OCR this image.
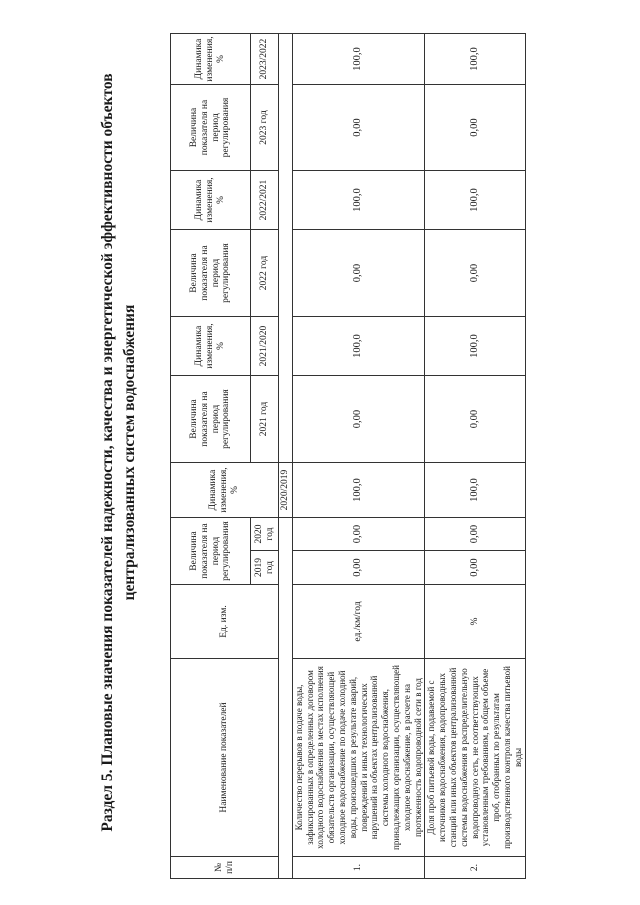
Раздел 5. Плановые значения показателей надежности, качества и энергетической эффективности объектов централизованных систем водоснабжения
№ п/п	Наименование показателей	Ед. изм.	Величина показателя на период регулирования		Динамика изменения, %	Величина показателя на период регулирования	Динамика изменения, %	Величина показателя на период регулирования	Динамика изменения, %	Величина показателя на период регулирования	Динамика изменения, %
			2019 год	2020 год		2021 год	2021/2020	2022 год	2022/2021	2023 год	2023/2022
					2020/2019						
1.	Количество перерывов в подаче воды, зафиксированных в определенных договором холодного водоснабжения в местах исполнения обязательств организации, осуществляющей холодное водоснабжение по подаче холодной воды, произошедших в результате аварий, повреждений и иных технологических нарушений на объектах централизованной системы холодного водоснабжения, принадлежащих организации, осуществляющей холодное водоснабжение, в расчете на протяженность водопроводной сети в год	ед./км/год	0,00	0,00	100,0	0,00	100,0	0,00	100,0	0,00	100,0
2.	Доля проб питьевой воды, подаваемой с источников водоснабжения, водопроводных станций или иных объектов централизованной системы водоснабжения в распределительную водопроводную сеть, не соответствующих установленным требованиям, в общем объеме проб, отобранных по результатам производственного контроля качества питьевой воды	%	0,00	0,00	100,0	0,00	100,0	0,00	100,0	0,00	100,0
